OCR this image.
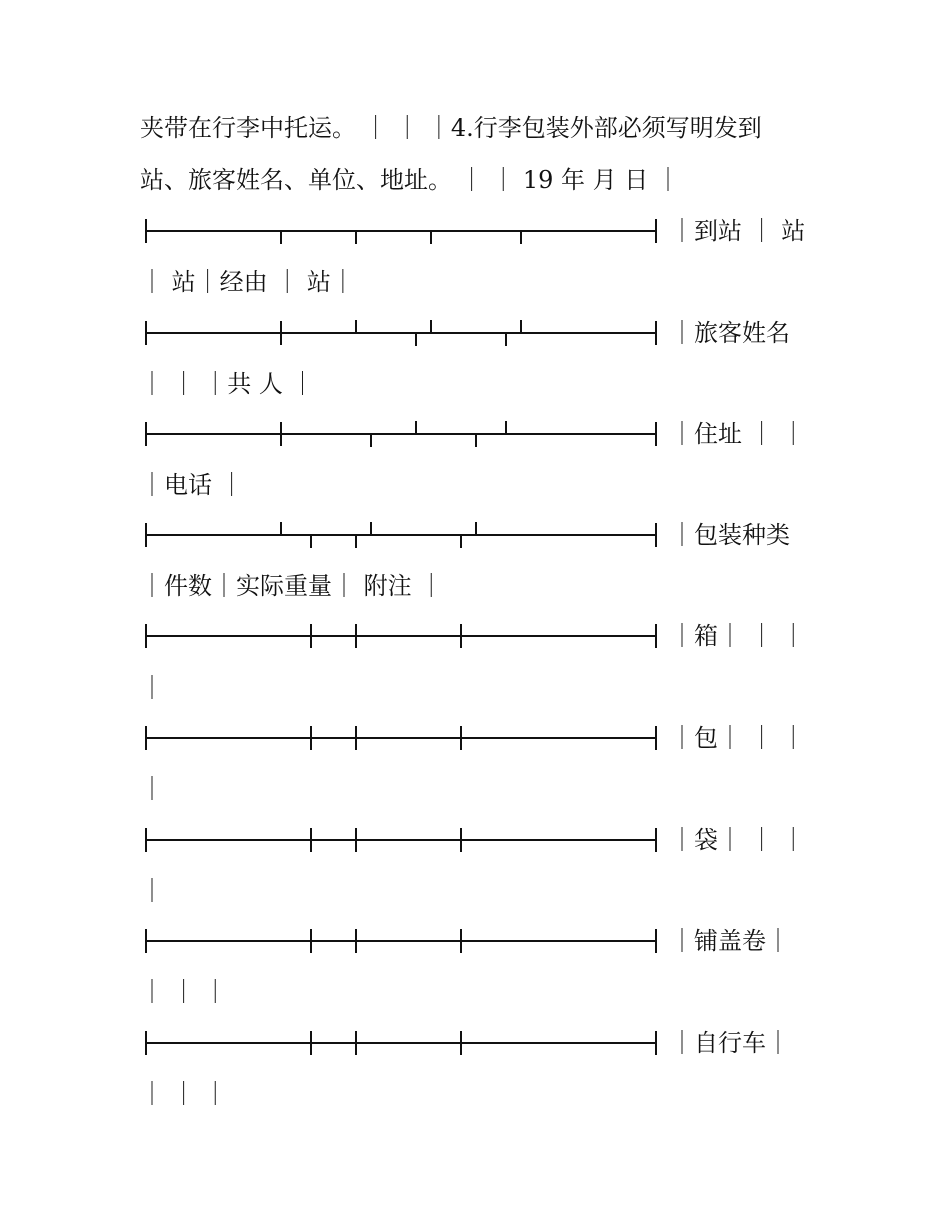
夹带在行李中托运。 ｜ ｜ ｜4.行李包装外部必须写明发到
站、旅客姓名、单位、地址。 ｜ ｜ 19 年 月 日 ｜
｜到站 ｜ 站
｜ 站｜经由 ｜ 站｜
｜旅客姓名
｜ ｜ ｜共 人 ｜
｜住址 ｜ ｜
｜电话 ｜
｜包装种类
｜件数｜实际重量｜ 附注 ｜
｜箱｜ ｜ ｜
｜
｜包｜ ｜ ｜
｜
｜袋｜ ｜ ｜
｜
｜铺盖卷｜
｜ ｜ ｜
｜自行车｜
｜ ｜ ｜
